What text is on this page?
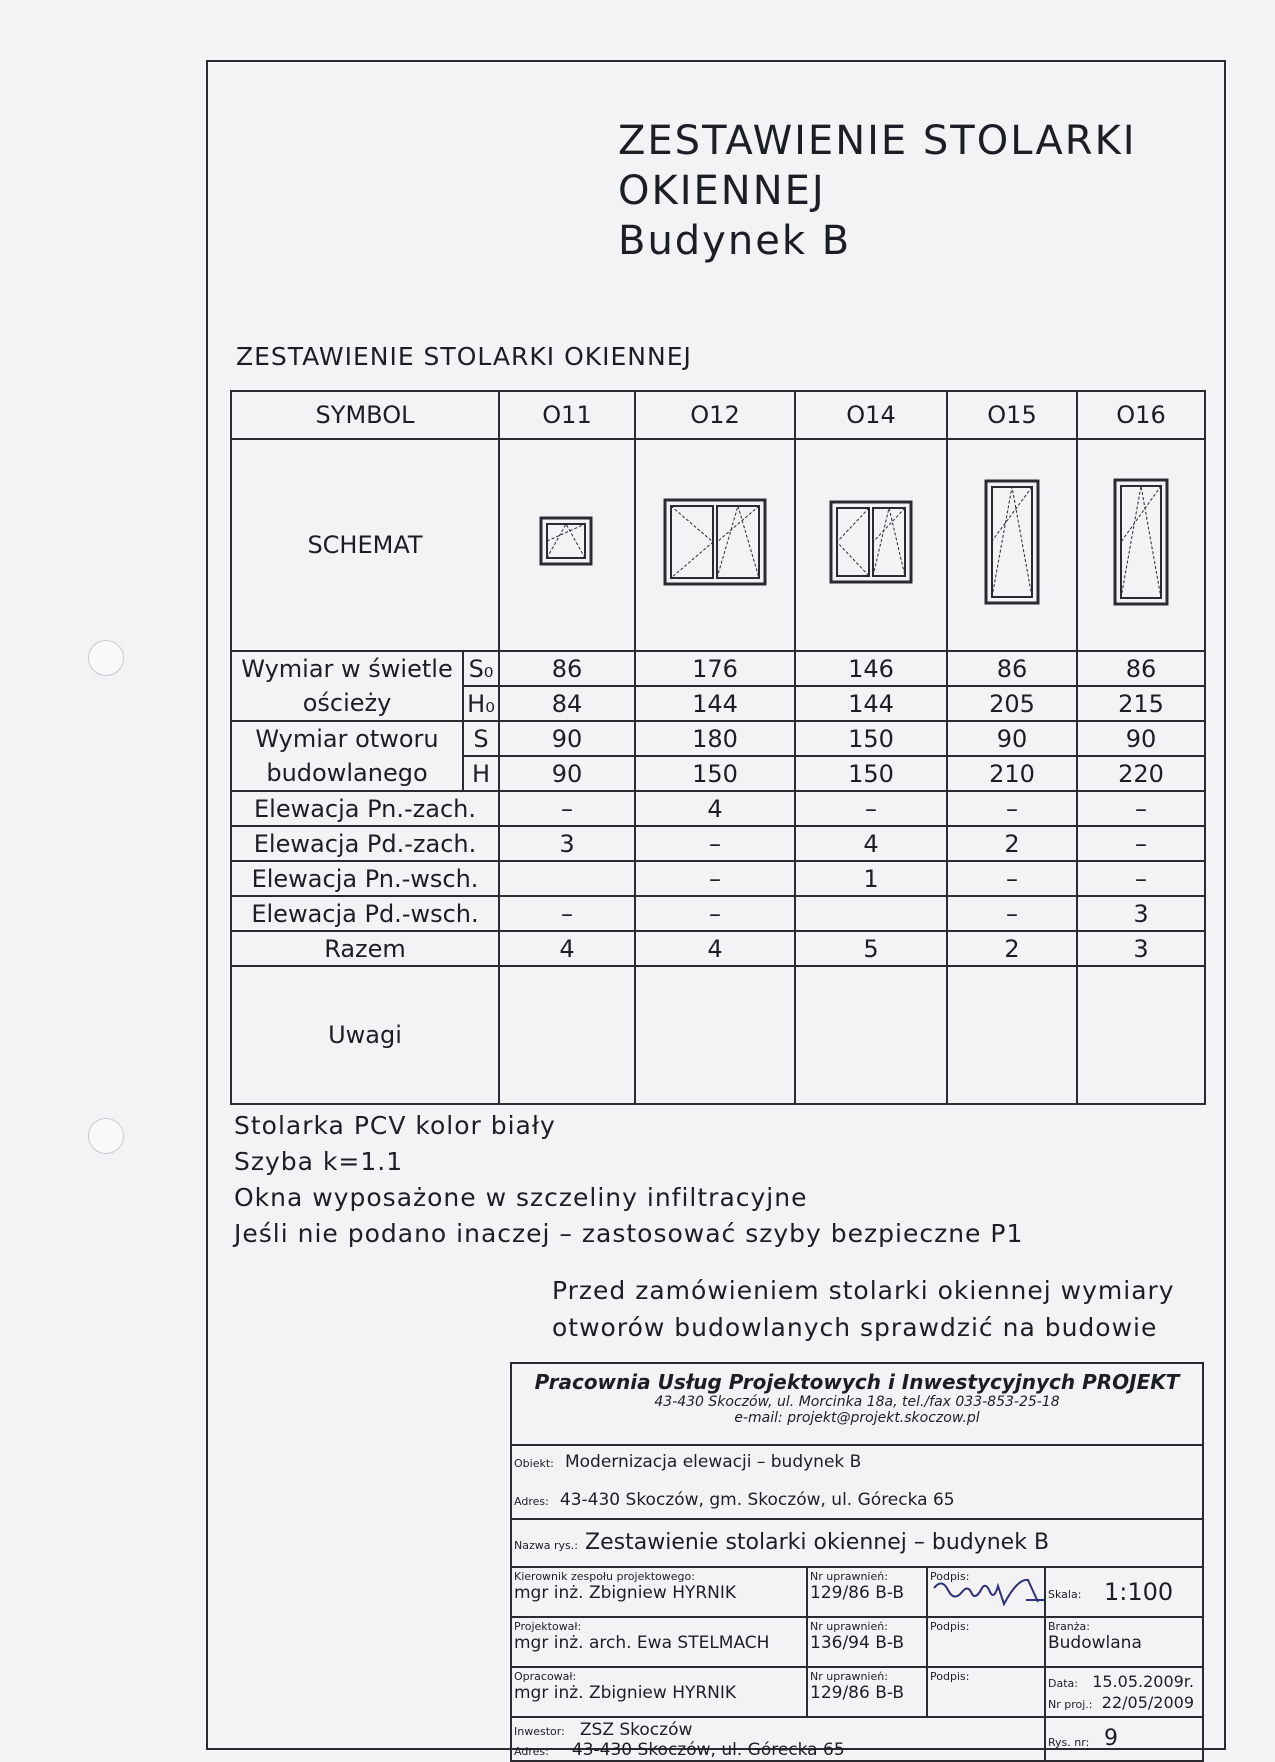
ZESTAWIENIE STOLARKI
OKIENNEJ
Budynek B
ZESTAWIENIE STOLARKI OKIENNEJ
SYMBOL		O11	O12	O14	O15	O16
SCHEMAT					

Wymiar w świetle
ościeży	S₀	86	176	146	86	86
	H₀	84	144	144	205	215

Wymiar otworu
budowlanego	S	90	180	150	90	90
	H	90	150	150	210	220
Elewacja Pn.-zach.		–	4	–	–	–
Elewacja Pd.-zach.		3	–	4	2	–
Elewacja Pn.-wsch.			–	1	–	–
Elewacja Pd.-wsch.		–	–		–	3
Razem		4	4	5	2	3
Uwagi						
Stolarka PCV kolor biały
Szyba k=1.1
Okna wyposażone w szczeliny infiltracyjne
Jeśli nie podano inaczej – zastosować szyby bezpieczne P1
Przed zamówieniem stolarki okiennej wymiary
otworów budowlanych sprawdzić na budowie
Pracownia Usług Projektowych i Inwestycyjnych PROJEKT
43-430 Skoczów, ul. Morcinka 18a, tel./fax 033-853-25-18
e-mail: projekt@projekt.skoczow.pl
Obiekt: Modernizacja elewacji – budynek B
Adres: 43-430 Skoczów, gm. Skoczów, ul. Górecka 65
Nazwa rys.: Zestawienie stolarki okiennej – budynek B
Kierownik zespołu projektowego:
mgr inż. Zbigniew HYRNIK
Nr uprawnień:
129/86 B-B
Podpis:
Skala: 1:100
Projektował:
mgr inż. arch. Ewa STELMACH
Nr uprawnień:
136/94 B-B
Podpis:	Branża:
Budowlana
Opracował:
mgr inż. Zbigniew HYRNIK
Nr uprawnień:
129/86 B-B
Podpis:
Data: 15.05.2009r.
Nr proj.: 22/05/2009
Inwestor: ZSZ Skoczów
Adres: 43-430 Skoczów, ul. Górecka 65	Rys. nr: 9
